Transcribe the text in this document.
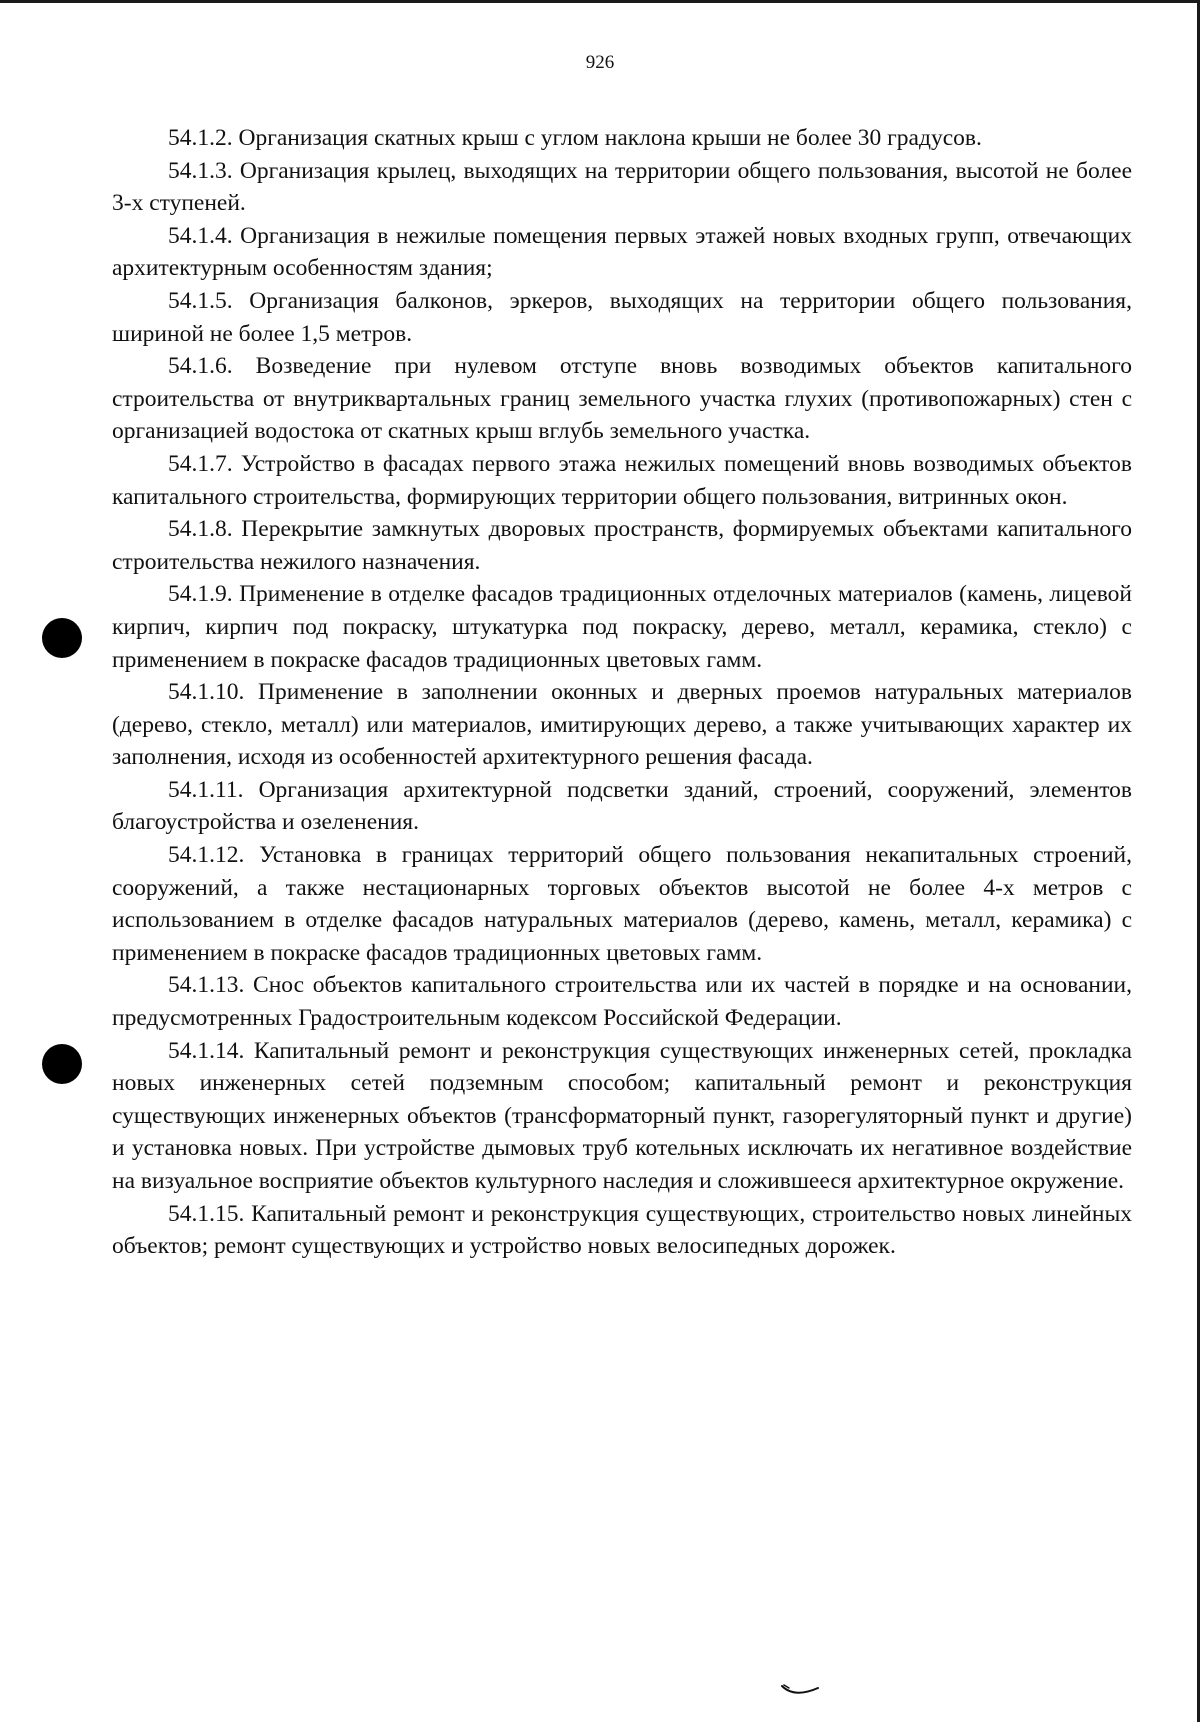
926

54.1.2. Организация скатных крыш с углом наклона крыши не более 30 градусов.

54.1.3. Организация крылец, выходящих на территории общего пользования, высотой не более 3-х ступеней.

54.1.4. Организация в нежилые помещения первых этажей новых входных групп, отвечающих архитектурным особенностям здания;

54.1.5. Организация балконов, эркеров, выходящих на территории общего пользования, шириной не более 1,5 метров.

54.1.6. Возведение при нулевом отступе вновь возводимых объектов капитального строительства от внутриквартальных границ земельного участка глухих (противопожарных) стен с организацией водостока от скатных крыш вглубь земельного участка.

54.1.7. Устройство в фасадах первого этажа нежилых помещений вновь возводимых объектов капитального строительства, формирующих территории общего пользования, витринных окон.

54.1.8. Перекрытие замкнутых дворовых пространств, формируемых объектами капитального строительства нежилого назначения.

54.1.9. Применение в отделке фасадов традиционных отделочных материалов (камень, лицевой кирпич, кирпич под покраску, штукатурка под покраску, дерево, металл, керамика, стекло) с применением в покраске фасадов традиционных цветовых гамм.

54.1.10. Применение в заполнении оконных и дверных проемов натуральных материалов (дерево, стекло, металл) или материалов, имитирующих дерево, а также учитывающих характер их заполнения, исходя из особенностей архитектурного решения фасада.

54.1.11. Организация архитектурной подсветки зданий, строений, сооружений, элементов благоустройства и озеленения.

54.1.12. Установка в границах территорий общего пользования некапитальных строений, сооружений, а также нестационарных торговых объектов высотой не более 4-х метров с использованием в отделке фасадов натуральных материалов (дерево, камень, металл, керамика) с применением в покраске фасадов традиционных цветовых гамм.

54.1.13. Снос объектов капитального строительства или их частей в порядке и на основании, предусмотренных Градостроительным кодексом Российской Федерации.

54.1.14. Капитальный ремонт и реконструкция существующих инженерных сетей, прокладка новых инженерных сетей подземным способом; капитальный ремонт и реконструкция существующих инженерных объектов (трансформаторный пункт, газорегуляторный пункт и другие) и установка новых. При устройстве дымовых труб котельных исключать их негативное воздействие на визуальное восприятие объектов культурного наследия и сложившееся архитектурное окружение.

54.1.15. Капитальный ремонт и реконструкция существующих, строительство новых линейных объектов; ремонт существующих и устройство новых велосипедных дорожек.
